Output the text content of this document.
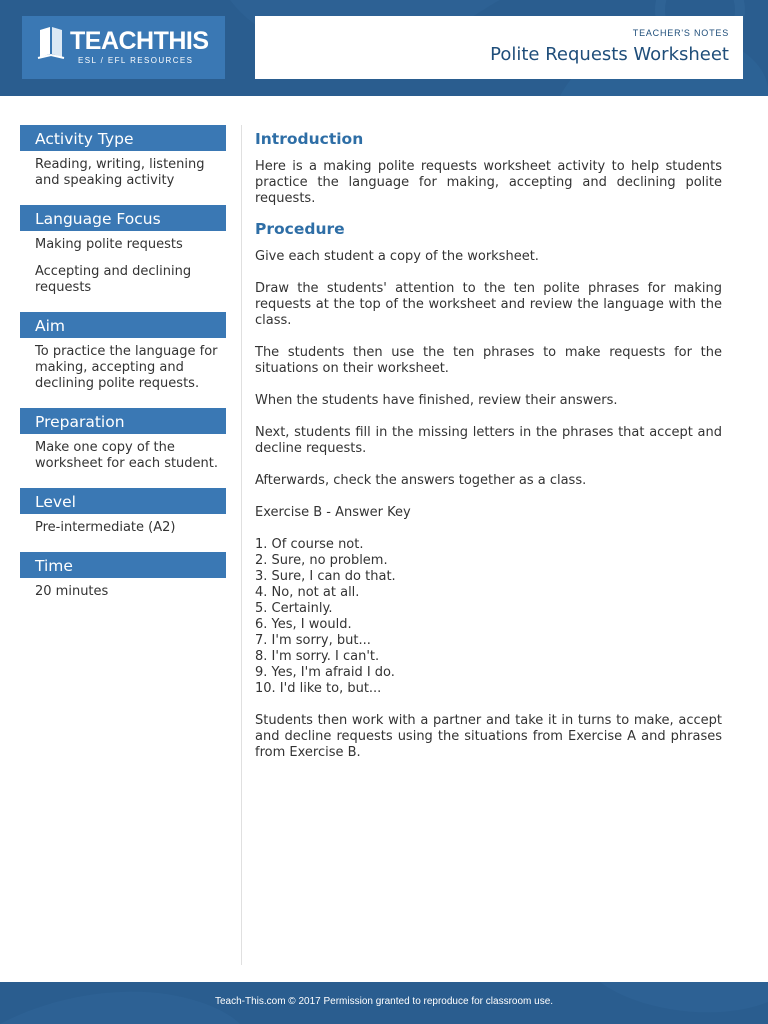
TEACHTHIS
ESL / EFL RESOURCES
TEACHER'S NOTES
Polite Requests Worksheet
Activity Type
Reading, writing, listening and speaking activity
Language Focus
Making polite requests
Accepting and declining requests
Aim
To practice the language for making, accepting and declining polite requests.
Preparation
Make one copy of the worksheet for each student.
Level
Pre-intermediate (A2)
Time
20 minutes
Introduction

Here is a making polite requests worksheet activity to help students practice the language for making, accepting and declining polite requests.

Procedure

Give each student a copy of the worksheet.

Draw the students' attention to the ten polite phrases for making requests at the top of the worksheet and review the language with the class.

The students then use the ten phrases to make requests for the situations on their worksheet.

When the students have finished, review their answers.

Next, students fill in the missing letters in the phrases that accept and decline requests.

Afterwards, check the answers together as a class.

Exercise B - Answer Key

1. Of course not.
2. Sure, no problem.
3. Sure, I can do that.
4. No, not at all.
5. Certainly.
6. Yes, I would.
7. I'm sorry, but...
8. I'm sorry. I can't.
9. Yes, I'm afraid I do.
10. I'd like to, but...

Students then work with a partner and take it in turns to make, accept and decline requests using the situations from Exercise A and phrases from Exercise B.

Teach-This.com © 2017 Permission granted to reproduce for classroom use.
